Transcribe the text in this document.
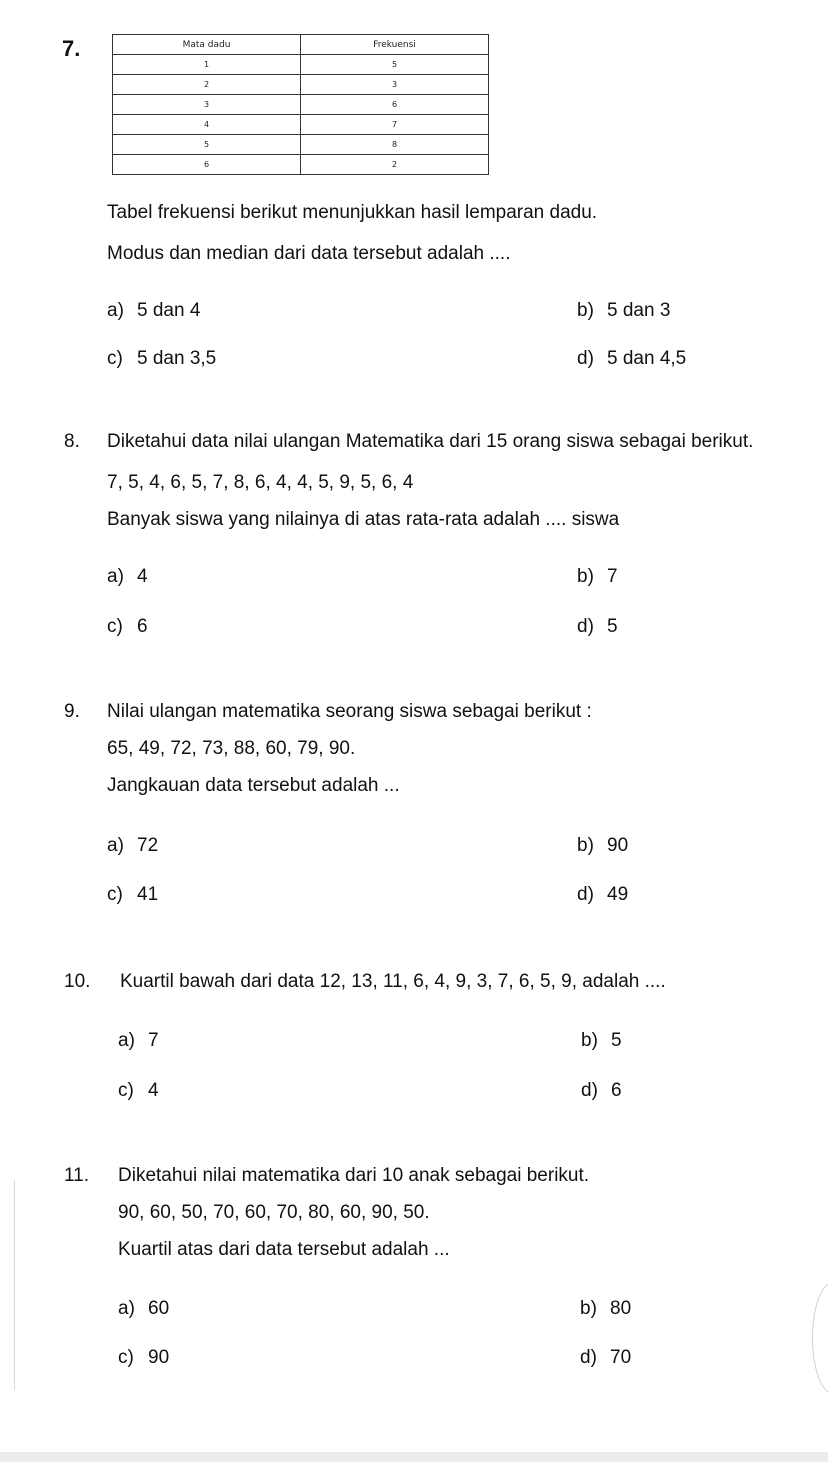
7.	Mata dadu	Frekuensi
1	5
2	3
3	6
4	7
5	8
6	2
Tabel frekuensi berikut menunjukkan hasil lemparan dadu.
Modus dan median dari data tersebut adalah ....
a) 5 dan 4	b) 5 dan 3
c) 5 dan 3,5	d) 5 dan 4,5
8. Diketahui data nilai ulangan Matematika dari 15 orang siswa sebagai berikut.
7, 5, 4, 6, 5, 7, 8, 6, 4, 4, 5, 9, 5, 6, 4
Banyak siswa yang nilainya di atas rata-rata adalah .... siswa
a) 4	b) 7
c) 6	d) 5
9. Nilai ulangan matematika seorang siswa sebagai berikut :
65, 49, 72, 73, 88, 60, 79, 90.
Jangkauan data tersebut adalah ...
a) 72	b) 90
c) 41	d) 49
10. Kuartil bawah dari data 12, 13, 11, 6, 4, 9, 3, 7, 6, 5, 9, adalah ....
a) 7	b) 5
c) 4	d) 6
11. Diketahui nilai matematika dari 10 anak sebagai berikut.
90, 60, 50, 70, 60, 70, 80, 60, 90, 50.
Kuartil atas dari data tersebut adalah ...
a) 60	b) 80
c) 90	d) 70
